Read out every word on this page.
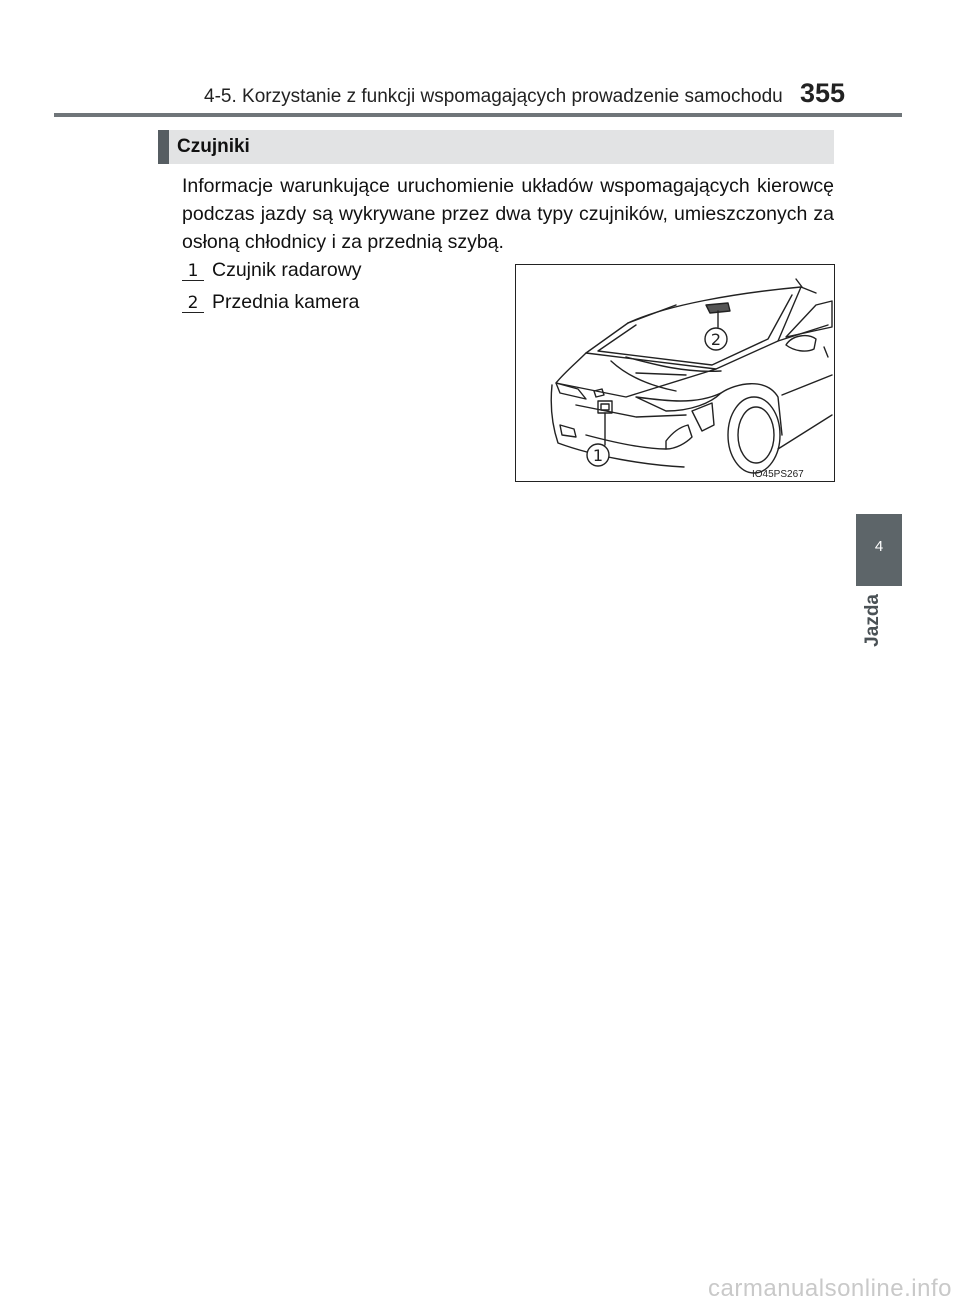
4-5. Korzystanie z funkcji wspomagających prowadzenie samochodu 355
Czujniki
Informacje warunkujące uruchomienie układów wspomagających kierowcę podczas jazdy są wykrywane przez dwa typy czujników, umieszczonych za osłoną chłodnicy i za przednią szybą.
1 Czujnik radarowy
2 Przednia kamera
2
1
IO45PS267
4
Jazda
carmanualsonline.info
